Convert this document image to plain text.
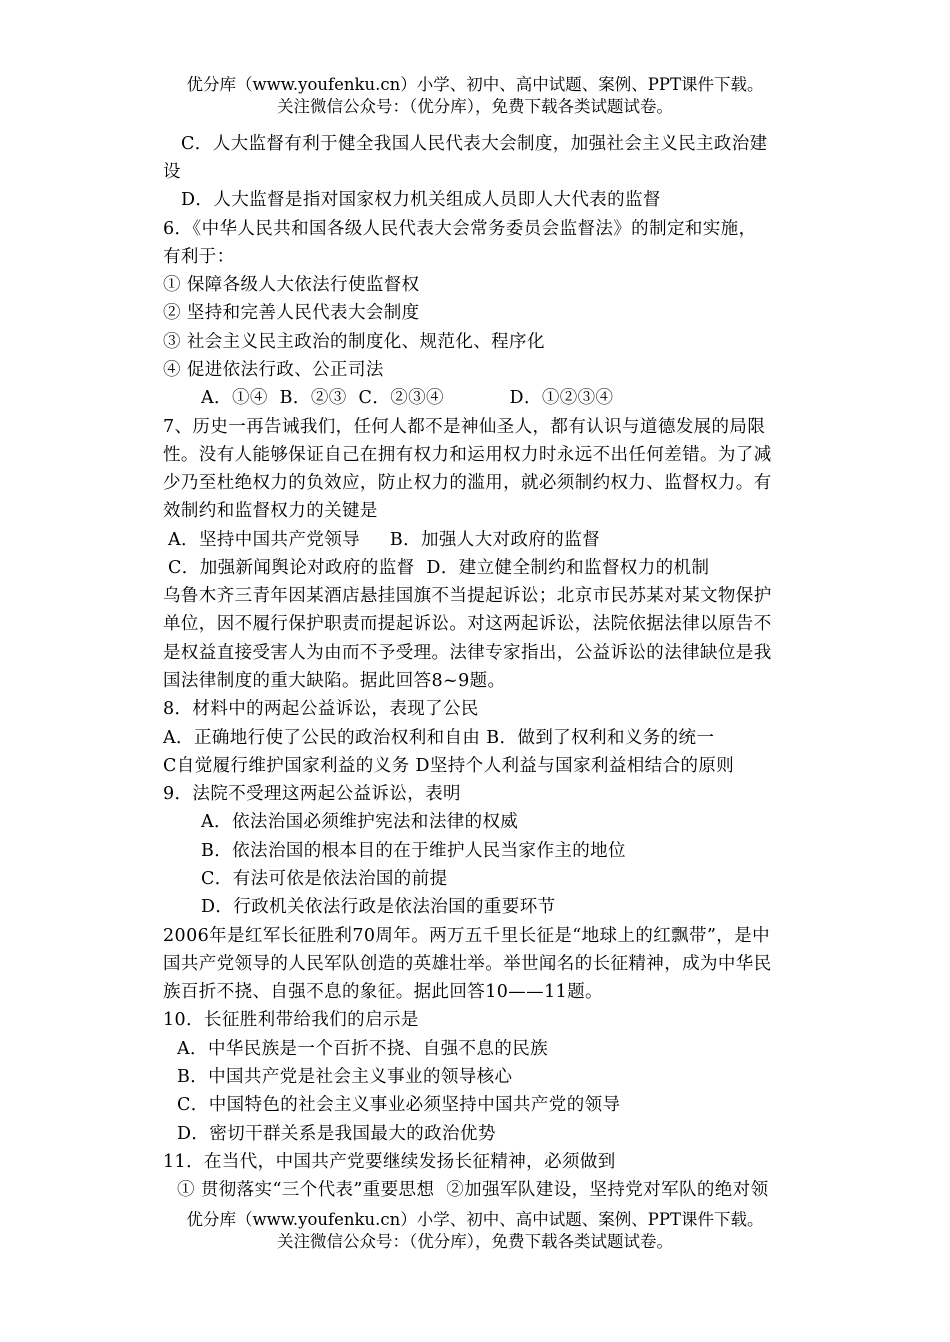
优分库（www.youfenku.cn）小学、初中、高中试题、案例、PPT课件下载。
关注微信公众号：（优分库），免费下载各类试题试卷。
C．人大监督有利于健全我国人民代表大会制度，加强社会主义民主政治建
设
D．人大监督是指对国家权力机关组成人员即人大代表的监督
6．《中华人民共和国各级人民代表大会常务委员会监督法》的制定和实施，
有利于：
① 保障各级人大依法行使监督权
② 坚持和完善人民代表大会制度
③ 社会主义民主政治的制度化、规范化、程序化
④ 促进依法行政、公正司法
A．①④  B．②③  C．②③④           D．①②③④
7、历史一再告诫我们，任何人都不是神仙圣人，都有认识与道德发展的局限
性。没有人能够保证自己在拥有权力和运用权力时永远不出任何差错。为了减
少乃至杜绝权力的负效应，防止权力的滥用，就必须制约权力、监督权力。有
效制约和监督权力的关键是
A．坚持中国共产党领导     B．加强人大对政府的监督
C．加强新闻舆论对政府的监督  D．建立健全制约和监督权力的机制
乌鲁木齐三青年因某酒店悬挂国旗不当提起诉讼；北京市民苏某对某文物保护
单位，因不履行保护职责而提起诉讼。对这两起诉讼，法院依据法律以原告不
是权益直接受害人为由而不予受理。法律专家指出，公益诉讼的法律缺位是我
国法律制度的重大缺陷。据此回答8~9题。
8．材料中的两起公益诉讼，表现了公民
A．正确地行使了公民的政治权利和自由 B．做到了权利和义务的统一
C自觉履行维护国家利益的义务 D坚持个人利益与国家利益相结合的原则
9．法院不受理这两起公益诉讼，表明
A．依法治国必须维护宪法和法律的权威
B．依法治国的根本目的在于维护人民当家作主的地位
C．有法可依是依法治国的前提
D．行政机关依法行政是依法治国的重要环节
2006年是红军长征胜利70周年。两万五千里长征是“地球上的红飘带”，是中
国共产党领导的人民军队创造的英雄壮举。举世闻名的长征精神，成为中华民
族百折不挠、自强不息的象征。据此回答10——11题。
10．长征胜利带给我们的启示是
A．中华民族是一个百折不挠、自强不息的民族
B．中国共产党是社会主义事业的领导核心
C．中国特色的社会主义事业必须坚持中国共产党的领导
D．密切干群关系是我国最大的政治优势
11．在当代，中国共产党要继续发扬长征精神，必须做到
① 贯彻落实“三个代表”重要思想  ②加强军队建设，坚持党对军队的绝对领
优分库（www.youfenku.cn）小学、初中、高中试题、案例、PPT课件下载。
关注微信公众号：（优分库），免费下载各类试题试卷。
